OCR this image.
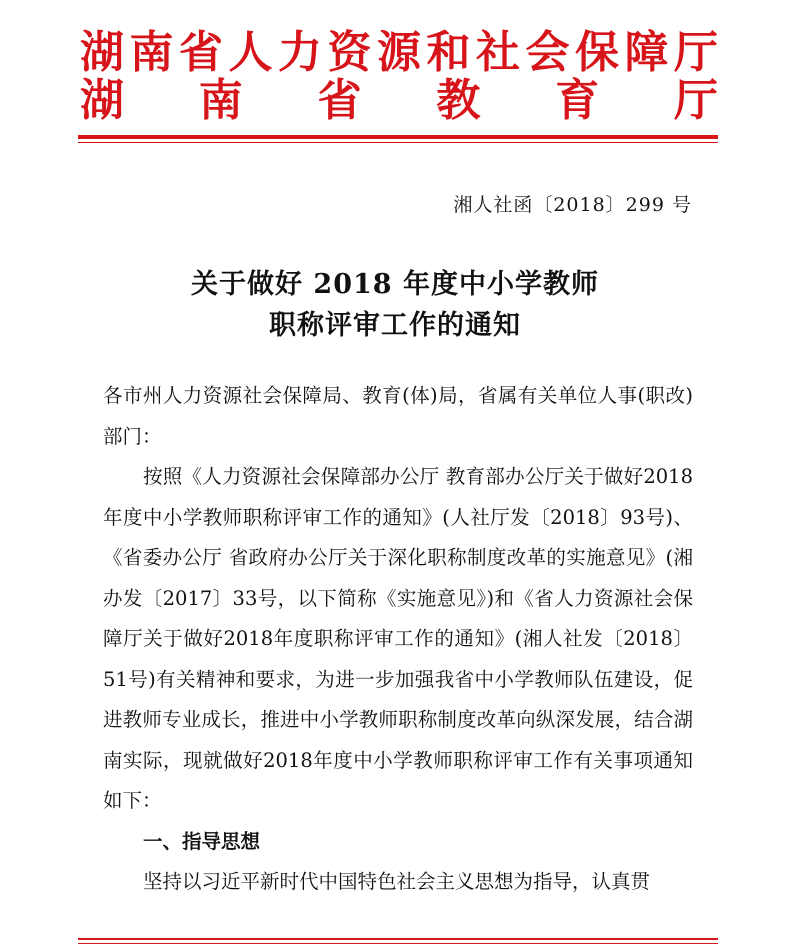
湖 南 省 人 力 资 源 和 社 会 保 障 厅
湖 南 省 教 育 厅
湘人社函〔2018〕299 号
关于做好 2018 年度中小学教师
职称评审工作的通知

各市州人力资源社会保障局、教育(体)局，省属有关单位人事(职改)部门：

按照《人力资源社会保障部办公厅 教育部办公厅关于做好2018年度中小学教师职称评审工作的通知》(人社厅发〔2018〕93号)、《省委办公厅 省政府办公厅关于深化职称制度改革的实施意见》(湘办发〔2017〕33号，以下简称《实施意见》)和《省人力资源社会保障厅关于做好2018年度职称评审工作的通知》(湘人社发〔2018〕51号)有关精神和要求，为进一步加强我省中小学教师队伍建设，促进教师专业成长，推进中小学教师职称制度改革向纵深发展，结合湖南实际，现就做好2018年度中小学教师职称评审工作有关事项通知如下：

一、指导思想

坚持以习近平新时代中国特色社会主义思想为指导，认真贯
